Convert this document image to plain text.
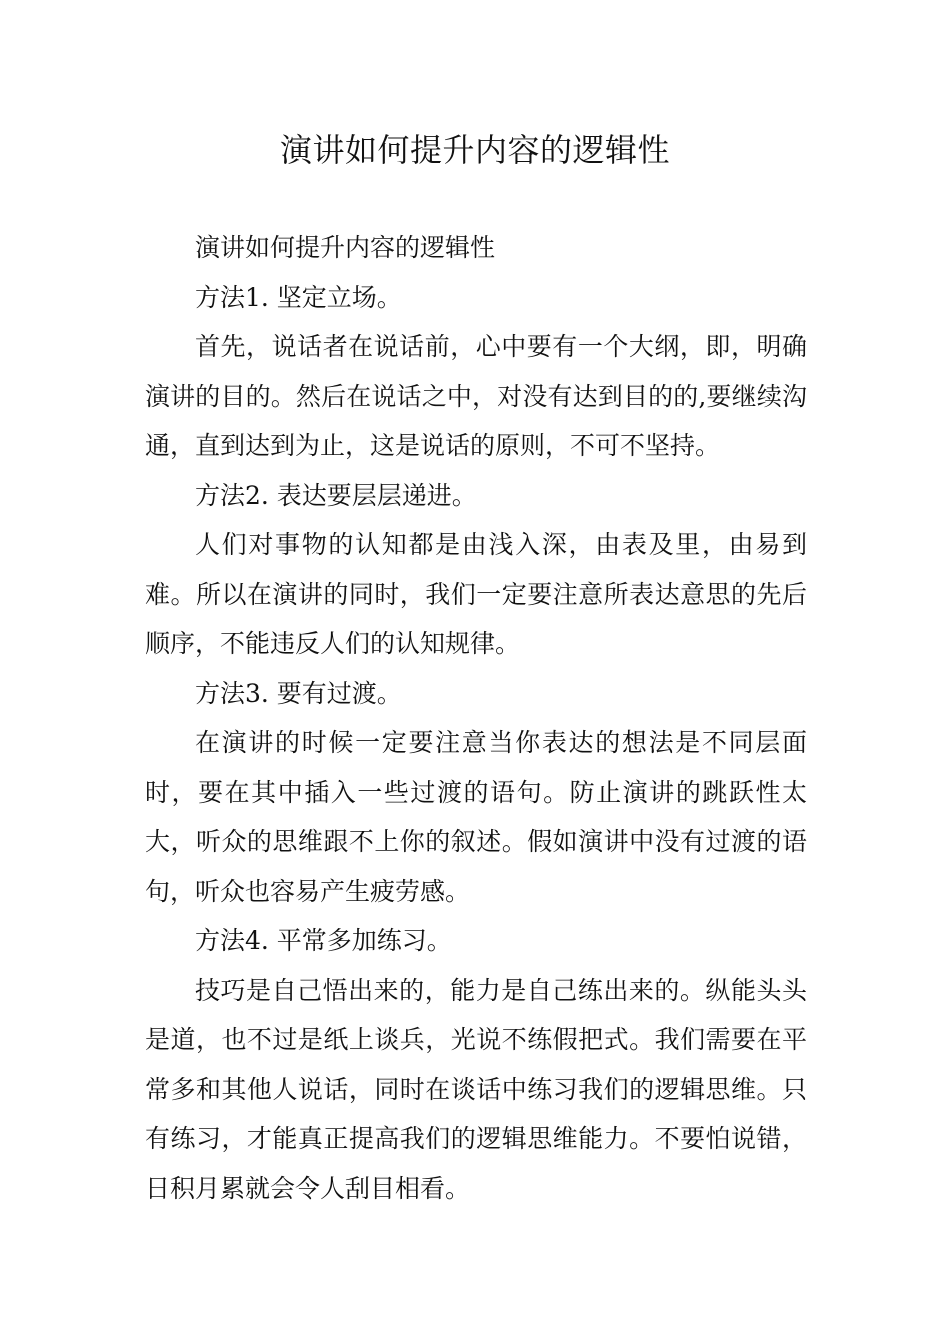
演讲如何提升内容的逻辑性

演讲如何提升内容的逻辑性

方法1. 坚定立场。

首先，说话者在说话前，心中要有一个大纲，即，明确演讲的目的。然后在说话之中，对没有达到目的的,要继续沟通，直到达到为止，这是说话的原则，不可不坚持。

方法2. 表达要层层递进。

人们对事物的认知都是由浅入深，由表及里，由易到难。所以在演讲的同时，我们一定要注意所表达意思的先后顺序，不能违反人们的认知规律。

方法3. 要有过渡。

在演讲的时候一定要注意当你表达的想法是不同层面时，要在其中插入一些过渡的语句。防止演讲的跳跃性太大，听众的思维跟不上你的叙述。假如演讲中没有过渡的语句，听众也容易产生疲劳感。

方法4. 平常多加练习。

技巧是自己悟出来的，能力是自己练出来的。纵能头头是道，也不过是纸上谈兵，光说不练假把式。我们需要在平常多和其他人说话，同时在谈话中练习我们的逻辑思维。只有练习，才能真正提高我们的逻辑思维能力。不要怕说错，日积月累就会令人刮目相看。
